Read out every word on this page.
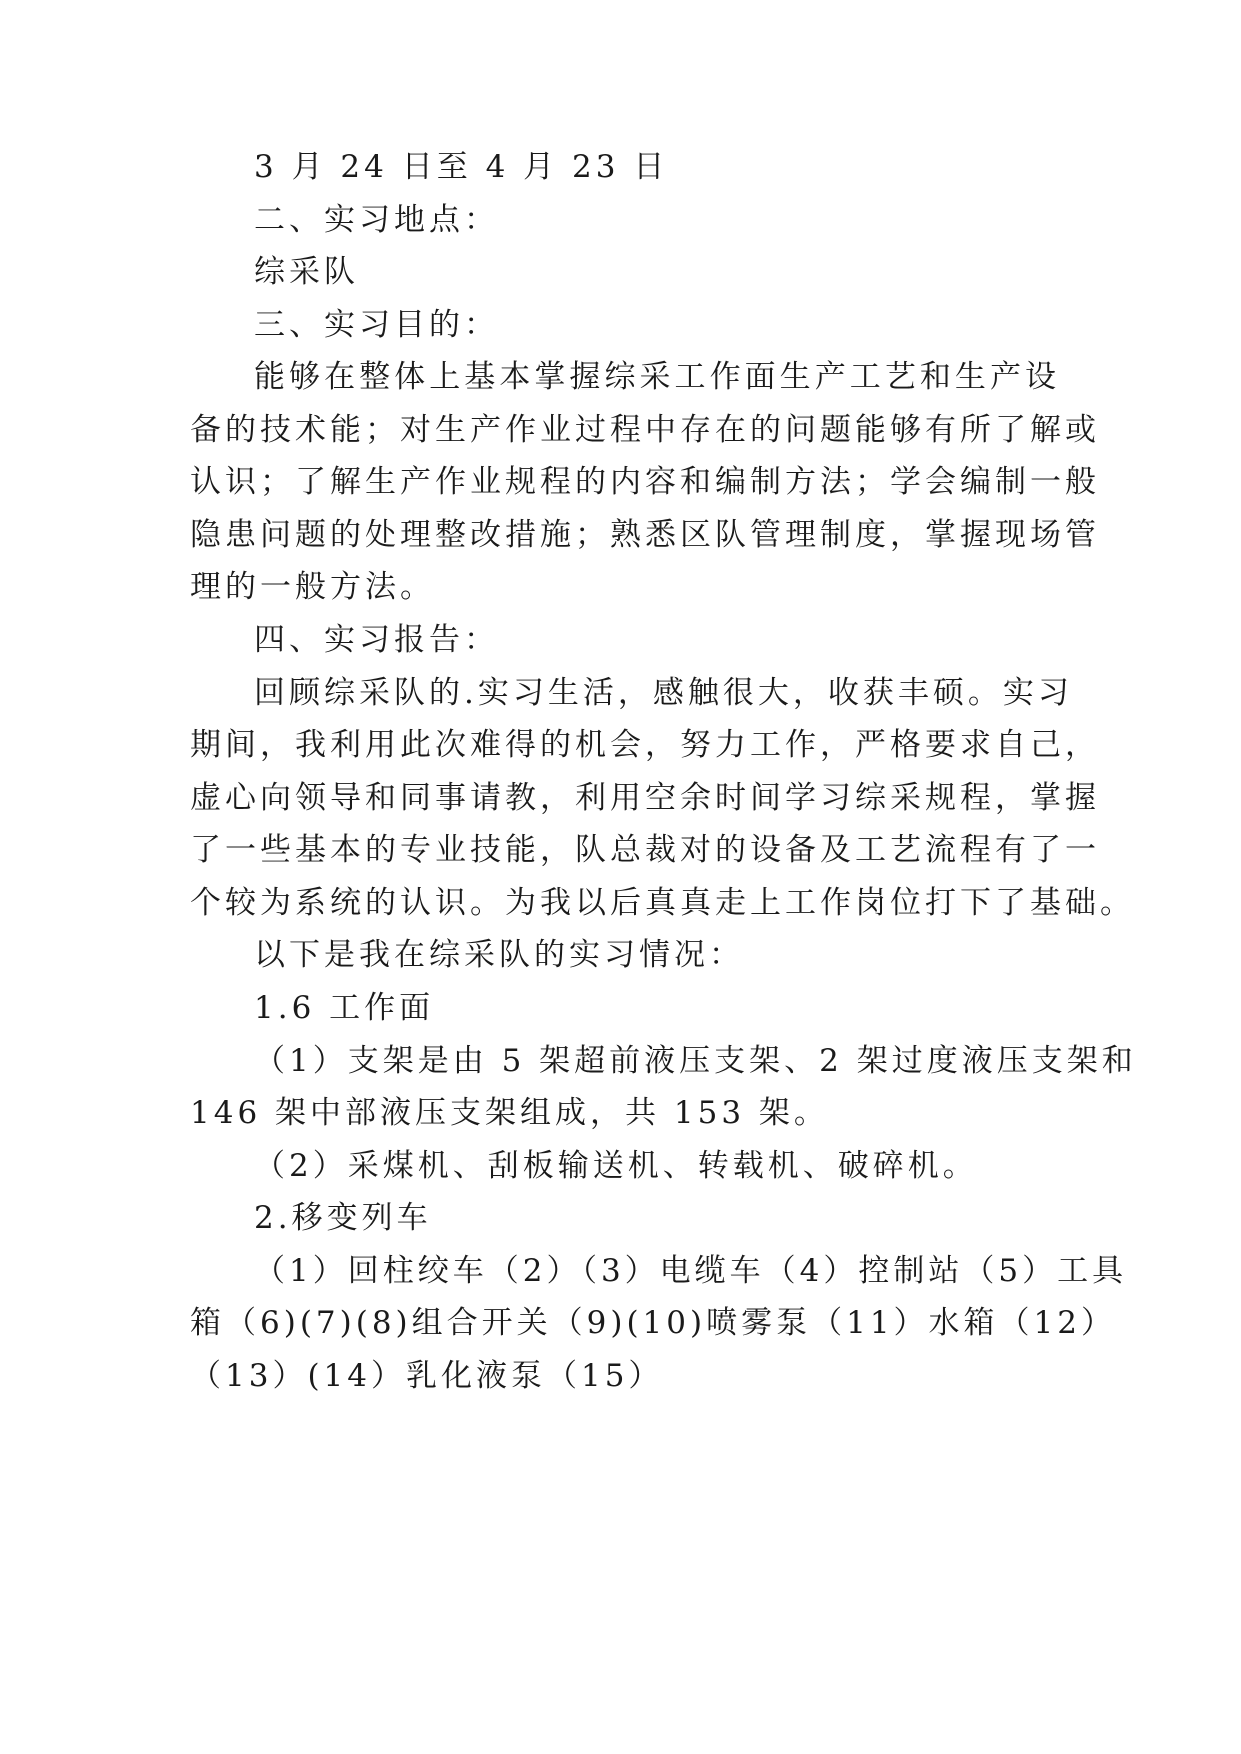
3 月 24 日至 4 月 23 日

二、实习地点：

综采队

三、实习目的：

能够在整体上基本掌握综采工作面生产工艺和生产设

备的技术能；对生产作业过程中存在的问题能够有所了解或

认识；了解生产作业规程的内容和编制方法；学会编制一般

隐患问题的处理整改措施；熟悉区队管理制度，掌握现场管

理的一般方法。

四、实习报告：

回顾综采队的.实习生活，感触很大，收获丰硕。实习

期间，我利用此次难得的机会，努力工作，严格要求自己，

虚心向领导和同事请教，利用空余时间学习综采规程，掌握

了一些基本的专业技能，队总裁对的设备及工艺流程有了一

个较为系统的认识。为我以后真真走上工作岗位打下了基础。

以下是我在综采队的实习情况：

1.6 工作面

（1）支架是由 5 架超前液压支架、2 架过度液压支架和

146 架中部液压支架组成，共 153 架。

（2）采煤机、刮板输送机、转载机、破碎机。

2.移变列车

（1）回柱绞车（2）（3）电缆车（4）控制站（5）工具

箱（6)(7)(8)组合开关（9)(10)喷雾泵（11）水箱（12）

（13）(14）乳化液泵（15）
